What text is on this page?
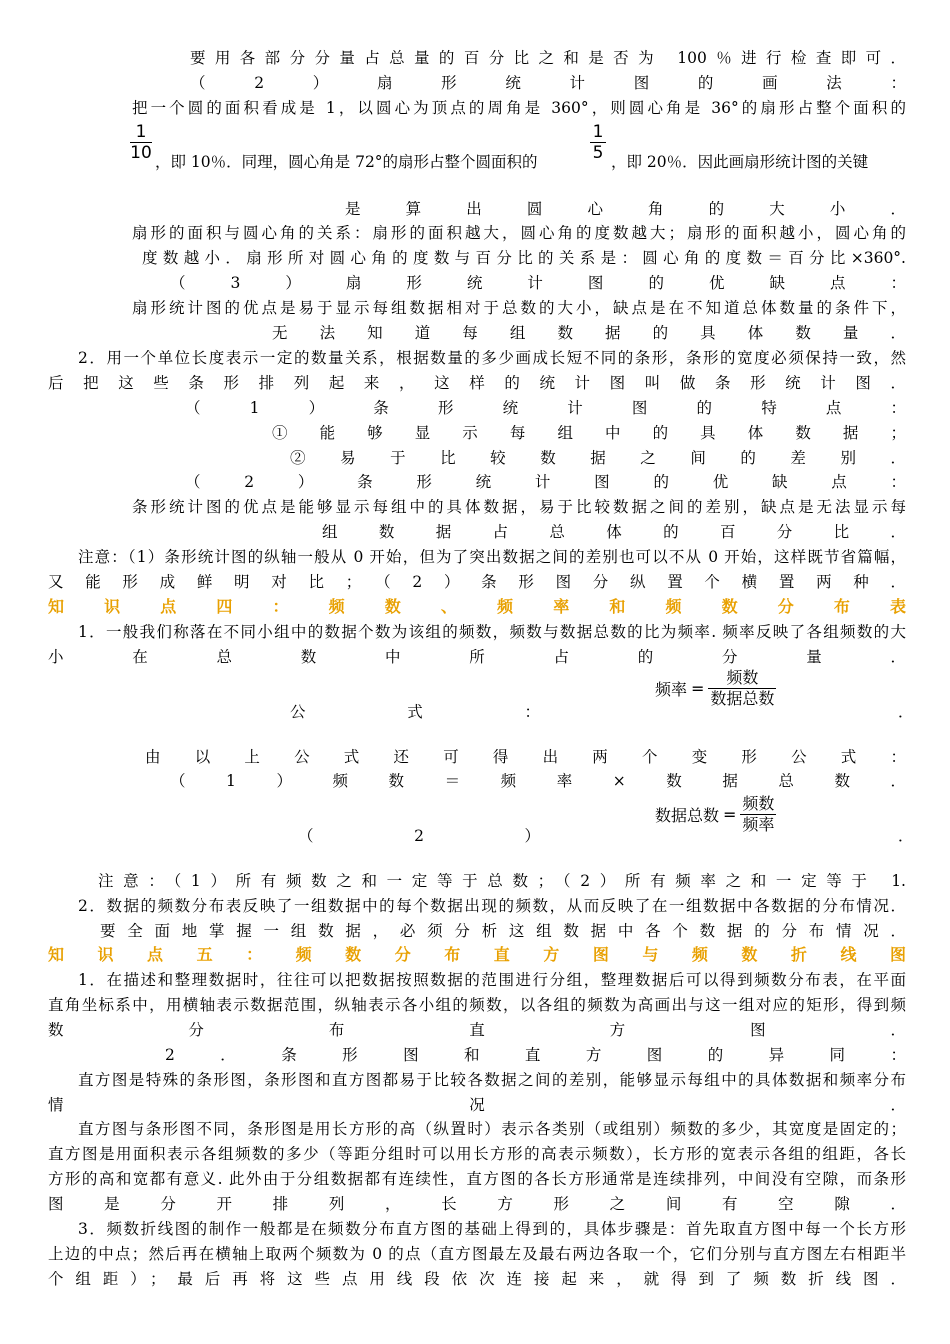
要用各部分分量占总量的百分比之和是否为 100％进行检查即可．
（2）扇形统计图的画法：
把一个圆的面积看成是 1，以圆心为顶点的周角是 360°，则圆心角是 36°的扇形占整个面积的
1
10 ，即 10％．同理，圆心角是 72°的扇形占整个圆面积的
1
5 ，即 20％．因此画扇形统计图的关键
是算出圆心角的大小．
扇形的面积与圆心角的关系：扇形的面积越大，圆心角的度数越大；扇形的面积越小，圆心角的
度数越小．扇形所对圆心角的度数与百分比的关系是：圆心角的度数＝百分比×360°.
（3）扇形统计图的优缺点：
扇形统计图的优点是易于显示每组数据相对于总数的大小，缺点是在不知道总体数量的条件下，
无法知道每组数据的具体数量．
2．用一个单位长度表示一定的数量关系，根据数量的多少画成长短不同的条形，条形的宽度必须保持一致，然
后把这些条形排列起来，这样的统计图叫做条形统计图．
（1）条形统计图的特点：
①能够显示每组中的具体数据；
②易于比较数据之间的差别．
（2）条形统计图的优缺点：
条形统计图的优点是能够显示每组中的具体数据，易于比较数据之间的差别，缺点是无法显示每
组数据占总体的百分比．
注意：（1）条形统计图的纵轴一般从 0 开始，但为了突出数据之间的差别也可以不从 0 开始，这样既节省篇幅，
又能形成鲜明对比；（2）条形图分纵置个横置两种．
知识点四：频数、频率和频数分布表
1．一般我们称落在不同小组中的数据个数为该组的频数，频数与数据总数的比为频率. 频率反映了各组频数的大
小在总数中所占的分量．
公式：
频率 =
频数
数据总数
．
由以上公式还可得出两个变形公式：
（1）频数＝频率×数据总数．
（2）
数据总数 =
频数
频率
．
注意：（1）所有频数之和一定等于总数；（2）所有频率之和一定等于 1.
2．数据的频数分布表反映了一组数据中的每个数据出现的频数，从而反映了在一组数据中各数据的分布情况．
要全面地掌握一组数据，必须分析这组数据中各个数据的分布情况．
知识点五：频数分布直方图与频数折线图
1．在描述和整理数据时，往往可以把数据按照数据的范围进行分组，整理数据后可以得到频数分布表，在平面
直角坐标系中，用横轴表示数据范围，纵轴表示各小组的频数，以各组的频数为高画出与这一组对应的矩形，得到频
数分布直方图．
2．条形图和直方图的异同：
直方图是特殊的条形图，条形图和直方图都易于比较各数据之间的差别，能够显示每组中的具体数据和频率分布
情况．
直方图与条形图不同，条形图是用长方形的高（纵置时）表示各类别（或组别）频数的多少，其宽度是固定的；
直方图是用面积表示各组频数的多少（等距分组时可以用长方形的高表示频数），长方形的宽表示各组的组距，各长
方形的高和宽都有意义. 此外由于分组数据都有连续性，直方图的各长方形通常是连续排列，中间没有空隙，而条形
图是分开排列，长方形之间有空隙．
3．频数折线图的制作一般都是在频数分布直方图的基础上得到的，具体步骤是：首先取直方图中每一个长方形
上边的中点；然后再在横轴上取两个频数为 0 的点（直方图最左及最右两边各取一个，它们分别与直方图左右相距半
个组距）；最后再将这些点用线段依次连接起来，就得到了频数折线图．
